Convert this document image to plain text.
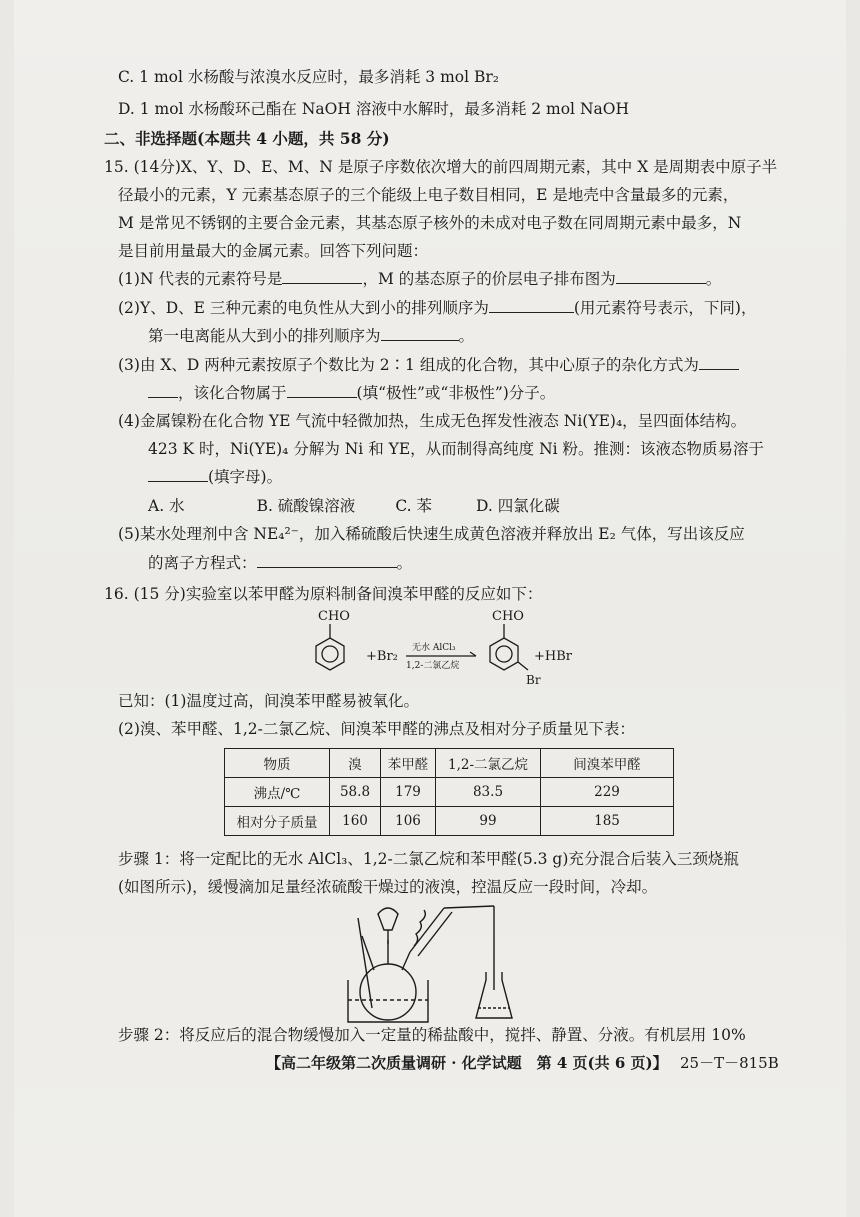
C. 1 mol 水杨酸与浓溴水反应时，最多消耗 3 mol Br₂
D. 1 mol 水杨酸环己酯在 NaOH 溶液中水解时，最多消耗 2 mol NaOH
二、非选择题(本题共 4 小题，共 58 分)
15. (14分)X、Y、D、E、M、N 是原子序数依次增大的前四周期元素，其中 X 是周期表中原子半
径最小的元素，Y 元素基态原子的三个能级上电子数目相同，E 是地壳中含量最多的元素，
M 是常见不锈钢的主要合金元素，其基态原子核外的未成对电子数在同周期元素中最多，N
是目前用量最大的金属元素。回答下列问题：
(1)N 代表的元素符号是	，M 的基态原子的价层电子排布图为	。
(2)Y、D、E 三种元素的电负性从大到小的排列顺序为	(用元素符号表示，下同)，
第一电离能从大到小的排列顺序为	。
(3)由 X、D 两种元素按原子个数比为 2∶1 组成的化合物，其中心原子的杂化方式为
，该化合物属于	(填“极性”或“非极性”)分子。
(4)金属镍粉在化合物 YE 气流中轻微加热，生成无色挥发性液态 Ni(YE)₄，呈四面体结构。
423 K 时，Ni(YE)₄ 分解为 Ni 和 YE，从而制得高纯度 Ni 粉。推测：该液态物质易溶于
(填字母)。
A. 水	B. 硫酸镍溶液	C. 苯	D. 四氯化碳
(5)某水处理剂中含 NE₄²⁻，加入稀硫酸后快速生成黄色溶液并释放出 E₂ 气体，写出该反应
的离子方程式：	。
16. (15 分)实验室以苯甲醛为原料制备间溴苯甲醛的反应如下：
CHO
+Br₂
无水 AlCl₃
1,2-二氯乙烷
CHO
Br
+HBr
已知：(1)温度过高，间溴苯甲醛易被氧化。
(2)溴、苯甲醛、1,2-二氯乙烷、间溴苯甲醛的沸点及相对分子质量见下表：
物质	溴	苯甲醛	1,2-二氯乙烷	间溴苯甲醛
沸点/℃	58.8	179	83.5	229
相对分子质量	160	106	99	185
步骤 1：将一定配比的无水 AlCl₃、1,2-二氯乙烷和苯甲醛(5.3 g)充分混合后装入三颈烧瓶
(如图所示)，缓慢滴加足量经浓硫酸干燥过的液溴，控温反应一段时间，冷却。
步骤 2：将反应后的混合物缓慢加入一定量的稀盐酸中，搅拌、静置、分液。有机层用 10%
【高二年级第二次质量调研 · 化学试题　第 4 页(共 6 页)】 25－T－815B
